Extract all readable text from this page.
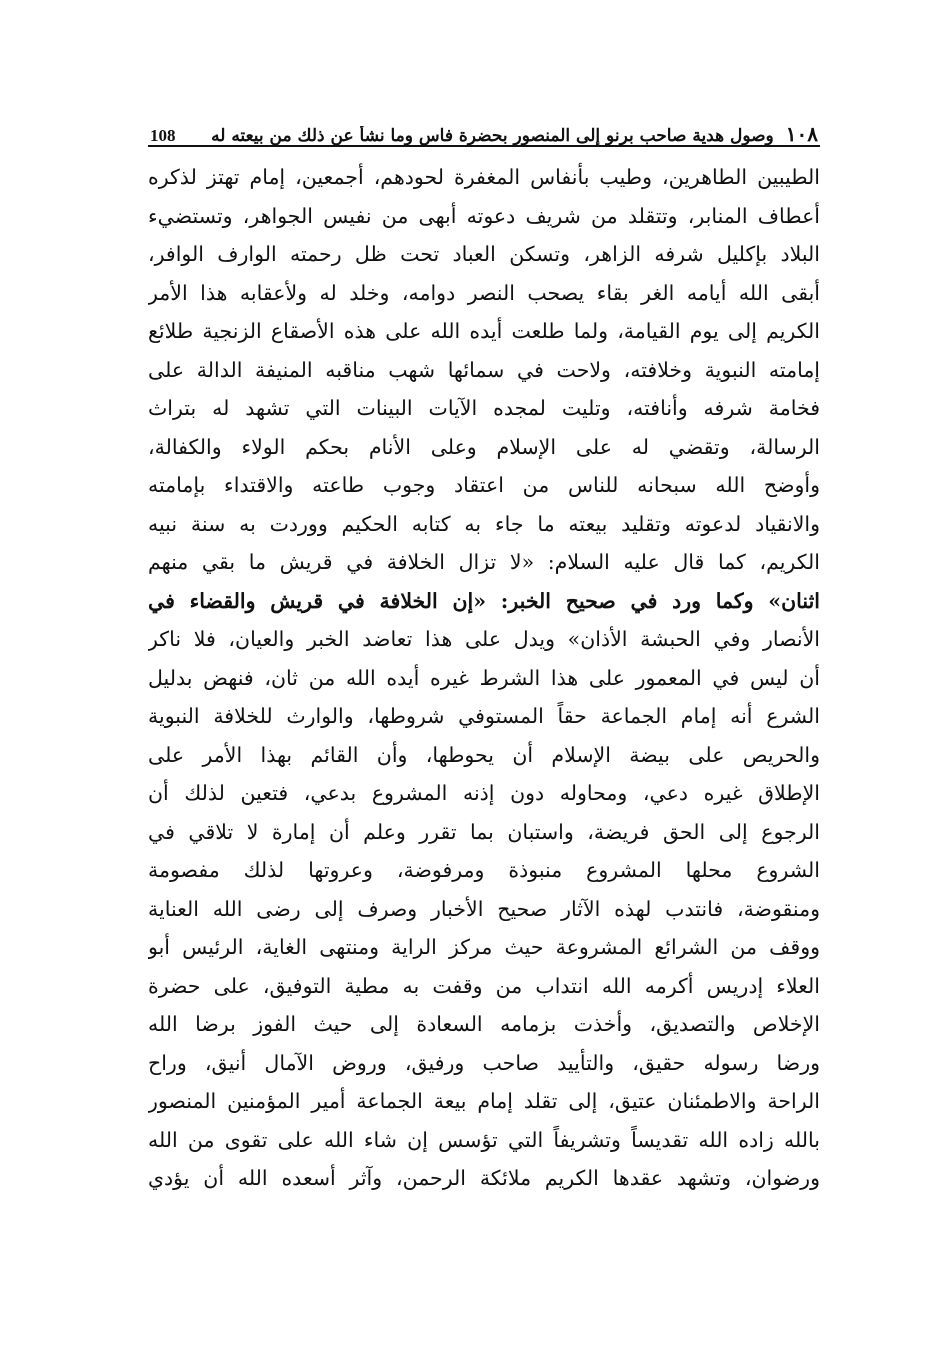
١٠٨
وصول هدية صاحب برنو إلى المنصور بحضرة فاس وما نشأ عن ذلك من بيعته له
108
الطيبين الطاهرين، وطيب بأنفاس المغفرة لحودهم، أجمعين، إمام تهتز لذكره
أعطاف المنابر، وتتقلد من شريف دعوته أبهى من نفيس الجواهر، وتستضيء
البلاد بإكليل شرفه الزاهر، وتسكن العباد تحت ظل رحمته الوارف الوافر،
أبقى الله أيامه الغر بقاء يصحب النصر دوامه، وخلد له ولأعقابه هذا الأمر
الكريم إلى يوم القيامة، ولما طلعت أيده الله على هذه الأصقاع الزنجية طلائع
إمامته النبوية وخلافته، ولاحت في سمائها شهب مناقبه المنيفة الدالة على
فخامة شرفه وأنافته، وتليت لمجده الآيات البينات التي تشهد له بتراث
الرسالة، وتقضي له على الإسلام وعلى الأنام بحكم الولاء والكفالة،
وأوضح الله سبحانه للناس من اعتقاد وجوب طاعته والاقتداء بإمامته
والانقياد لدعوته وتقليد بيعته ما جاء به كتابه الحكيم ووردت به سنة نبيه
الكريم، كما قال عليه السلام: «لا تزال الخلافة في قريش ما بقي منهم
اثنان» وكما ورد في صحيح الخبر: «إن الخلافة في قريش والقضاء في
الأنصار وفي الحبشة الأذان» ويدل على هذا تعاضد الخبر والعيان، فلا ناكر
أن ليس في المعمور على هذا الشرط غيره أيده الله من ثان، فنهض بدليل
الشرع أنه إمام الجماعة حقاً المستوفي شروطها، والوارث للخلافة النبوية
والحريص على بيضة الإسلام أن يحوطها، وأن القائم بهذا الأمر على
الإطلاق غيره دعي، ومحاوله دون إذنه المشروع بدعي، فتعين لذلك أن
الرجوع إلى الحق فريضة، واستبان بما تقرر وعلم أن إمارة لا تلاقي في
الشروع محلها المشروع منبوذة ومرفوضة، وعروتها لذلك مفصومة
ومنقوضة، فانتدب لهذه الآثار صحيح الأخبار وصرف إلى رضى الله العناية
ووقف من الشرائع المشروعة حيث مركز الراية ومنتهى الغاية، الرئيس أبو
العلاء إدريس أكرمه الله انتداب من وقفت به مطية التوفيق، على حضرة
الإخلاص والتصديق، وأخذت بزمامه السعادة إلى حيث الفوز برضا الله
ورضا رسوله حقيق، والتأييد صاحب ورفيق، وروض الآمال أنيق، وراح
الراحة والاطمئنان عتيق، إلى تقلد إمام بيعة الجماعة أمير المؤمنين المنصور
بالله زاده الله تقديساً وتشريفاً التي تؤسس إن شاء الله على تقوى من الله
ورضوان، وتشهد عقدها الكريم ملائكة الرحمن، وآثر أسعده الله أن يؤدي
